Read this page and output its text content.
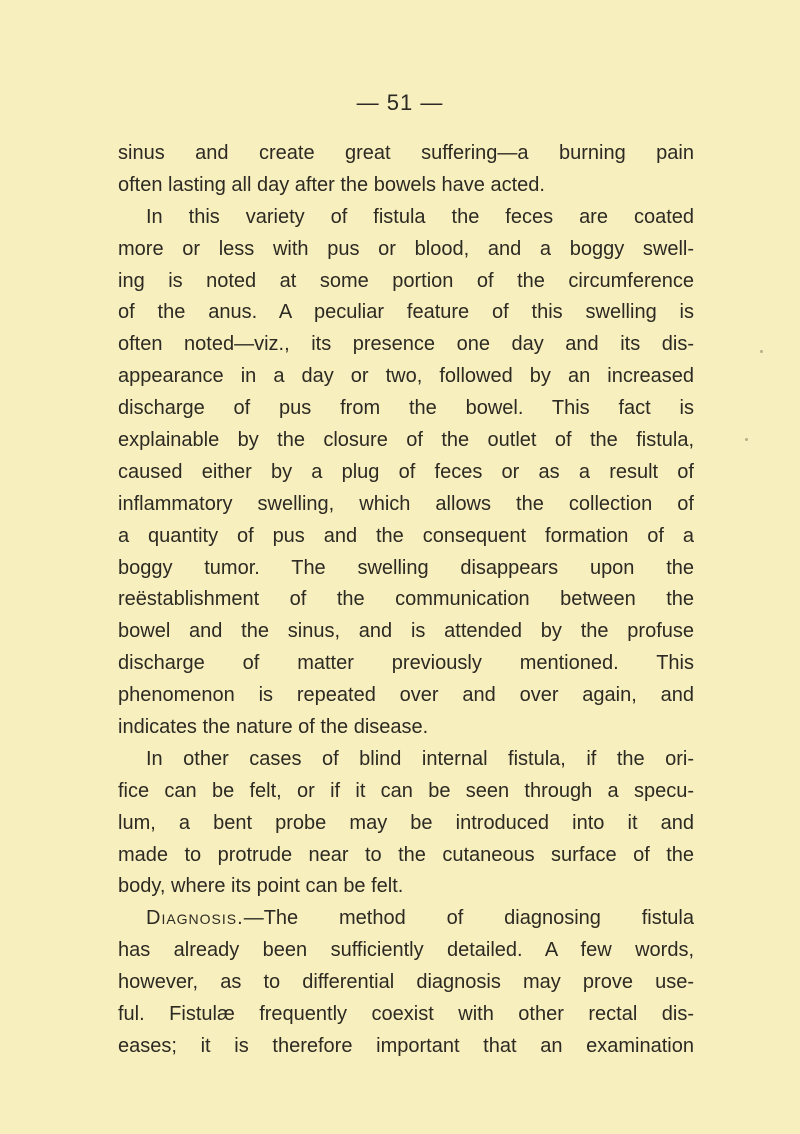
— 51 —
sinus and create great suffering—a burning pain
often lasting all day after the bowels have acted.
In this variety of fistula the feces are coated
more or less with pus or blood, and a boggy swell-
ing is noted at some portion of the circumference
of the anus. A peculiar feature of this swelling is
often noted—viz., its presence one day and its dis-
appearance in a day or two, followed by an increased
discharge of pus from the bowel. This fact is
explainable by the closure of the outlet of the fistula,
caused either by a plug of feces or as a result of
inflammatory swelling, which allows the collection of
a quantity of pus and the consequent formation of a
boggy tumor. The swelling disappears upon the
reëstablishment of the communication between the
bowel and the sinus, and is attended by the profuse
discharge of matter previously mentioned. This
phenomenon is repeated over and over again, and
indicates the nature of the disease.
In other cases of blind internal fistula, if the ori-
fice can be felt, or if it can be seen through a specu-
lum, a bent probe may be introduced into it and
made to protrude near to the cutaneous surface of the
body, where its point can be felt.
Diagnosis.—The method of diagnosing fistula
has already been sufficiently detailed. A few words,
however, as to differential diagnosis may prove use-
ful. Fistulæ frequently coexist with other rectal dis-
eases; it is therefore important that an examination
